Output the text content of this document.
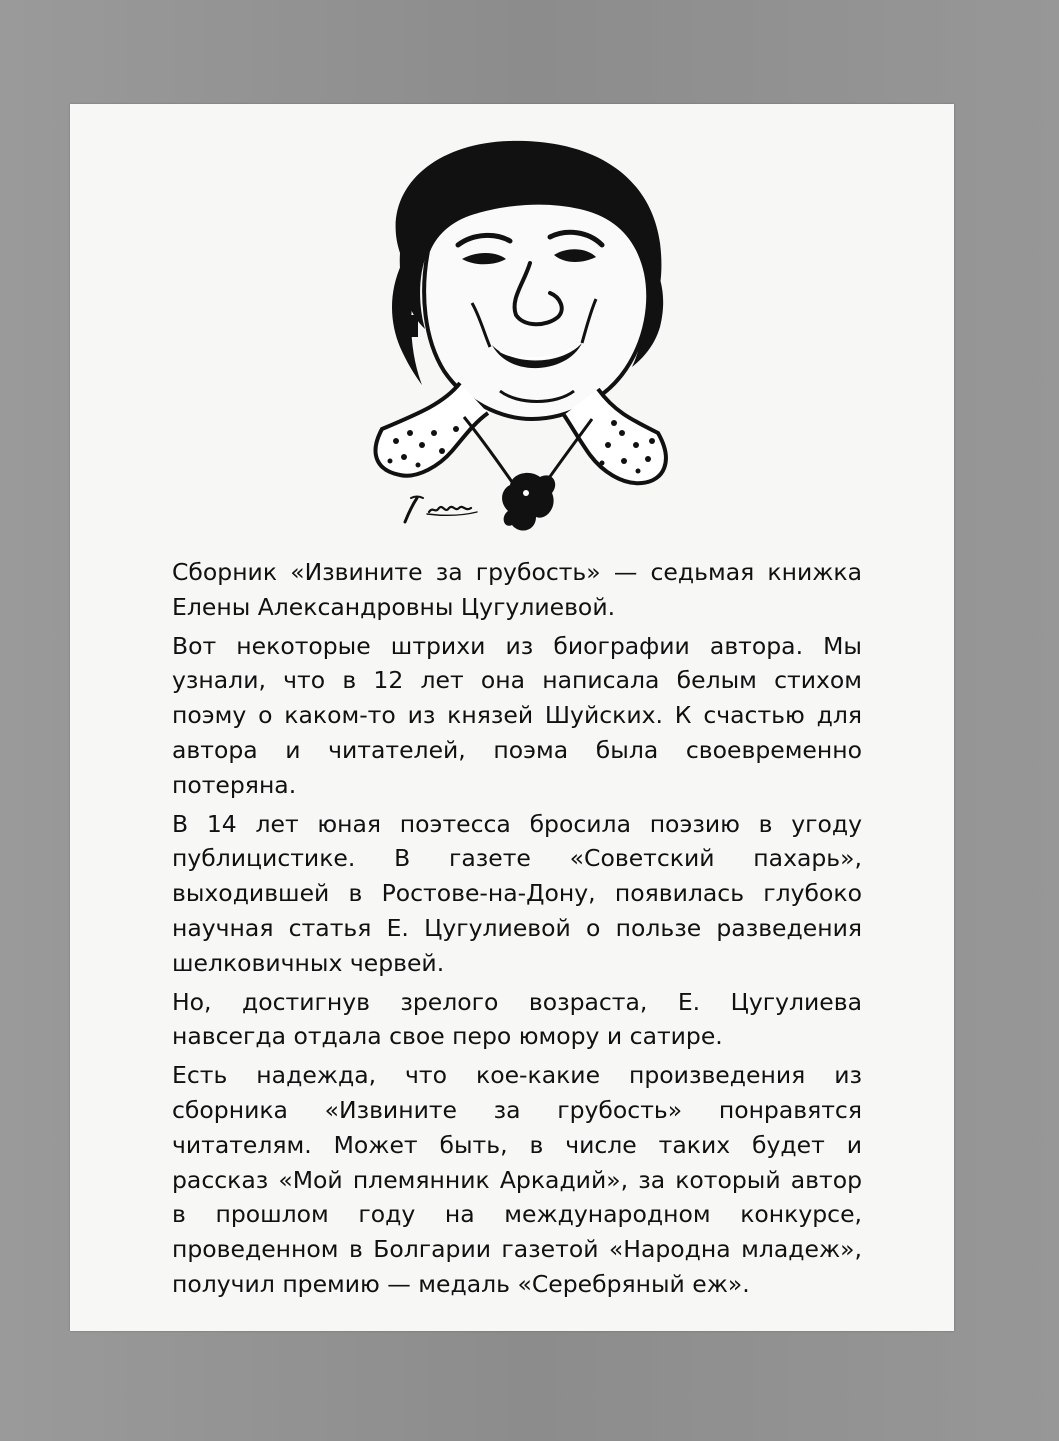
Сборник «Извините за грубость» — седьмая книжка Елены Александровны Цугулиевой.

Вот некоторые штрихи из биографии автора. Мы узнали, что в 12 лет она написала белым стихом поэму о каком-то из князей Шуйских. К счастью для автора и читателей, поэма была своевременно потеряна.

В 14 лет юная поэтесса бросила поэзию в угоду публицистике. В газете «Советский пахарь», выходившей в Ростове-на-Дону, появилась глубоко научная статья Е. Цугулиевой о пользе разведения шелковичных червей.

Но, достигнув зрелого возраста, Е. Цугулиева навсегда отдала свое перо юмору и сатире.

Есть надежда, что кое-какие произведения из сборника «Извините за грубость» понравятся читателям. Может быть, в числе таких будет и рассказ «Мой племянник Аркадий», за который автор в прошлом году на международном конкурсе, проведенном в Болгарии газетой «Народна младеж», получил премию — медаль «Серебряный еж».
